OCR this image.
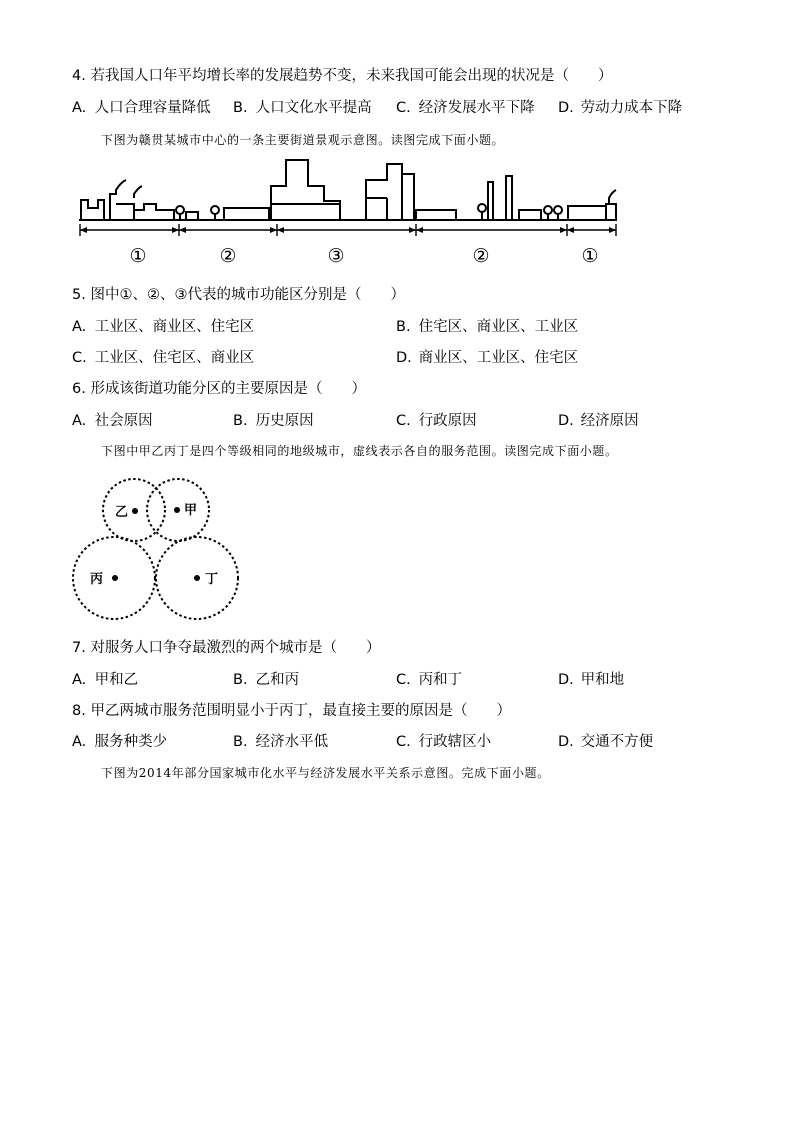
4. 若我国人口年平均增长率的发展趋势不变，未来我国可能会出现的状况是（　　）
A. 人口合理容量降低 B. 人口文化水平提高 C. 经济发展水平下降 D. 劳动力成本下降
下图为赣贯某城市中心的一条主要街道景观示意图。读图完成下面小题。
①	②	③	②	①
5. 图中①、②、③代表的城市功能区分别是（　　）
A. 工业区、商业区、住宅区	B. 住宅区、商业区、工业区
C. 工业区、住宅区、商业区	D. 商业区、工业区、住宅区
6. 形成该街道功能分区的主要原因是（　　）
A. 社会原因	B. 历史原因	C. 行政原因	D. 经济原因
下图中甲乙丙丁是四个等级相同的地级城市，虚线表示各自的服务范围。读图完成下面小题。
乙	甲
丙	丁
7. 对服务人口争夺最激烈的两个城市是（　　）
A. 甲和乙	B. 乙和丙	C. 丙和丁	D. 甲和地
8. 甲乙两城市服务范围明显小于丙丁，最直接主要的原因是（　　）
A. 服务种类少	B. 经济水平低	C. 行政辖区小	D. 交通不方便
下图为2014年部分国家城市化水平与经济发展水平关系示意图。完成下面小题。
